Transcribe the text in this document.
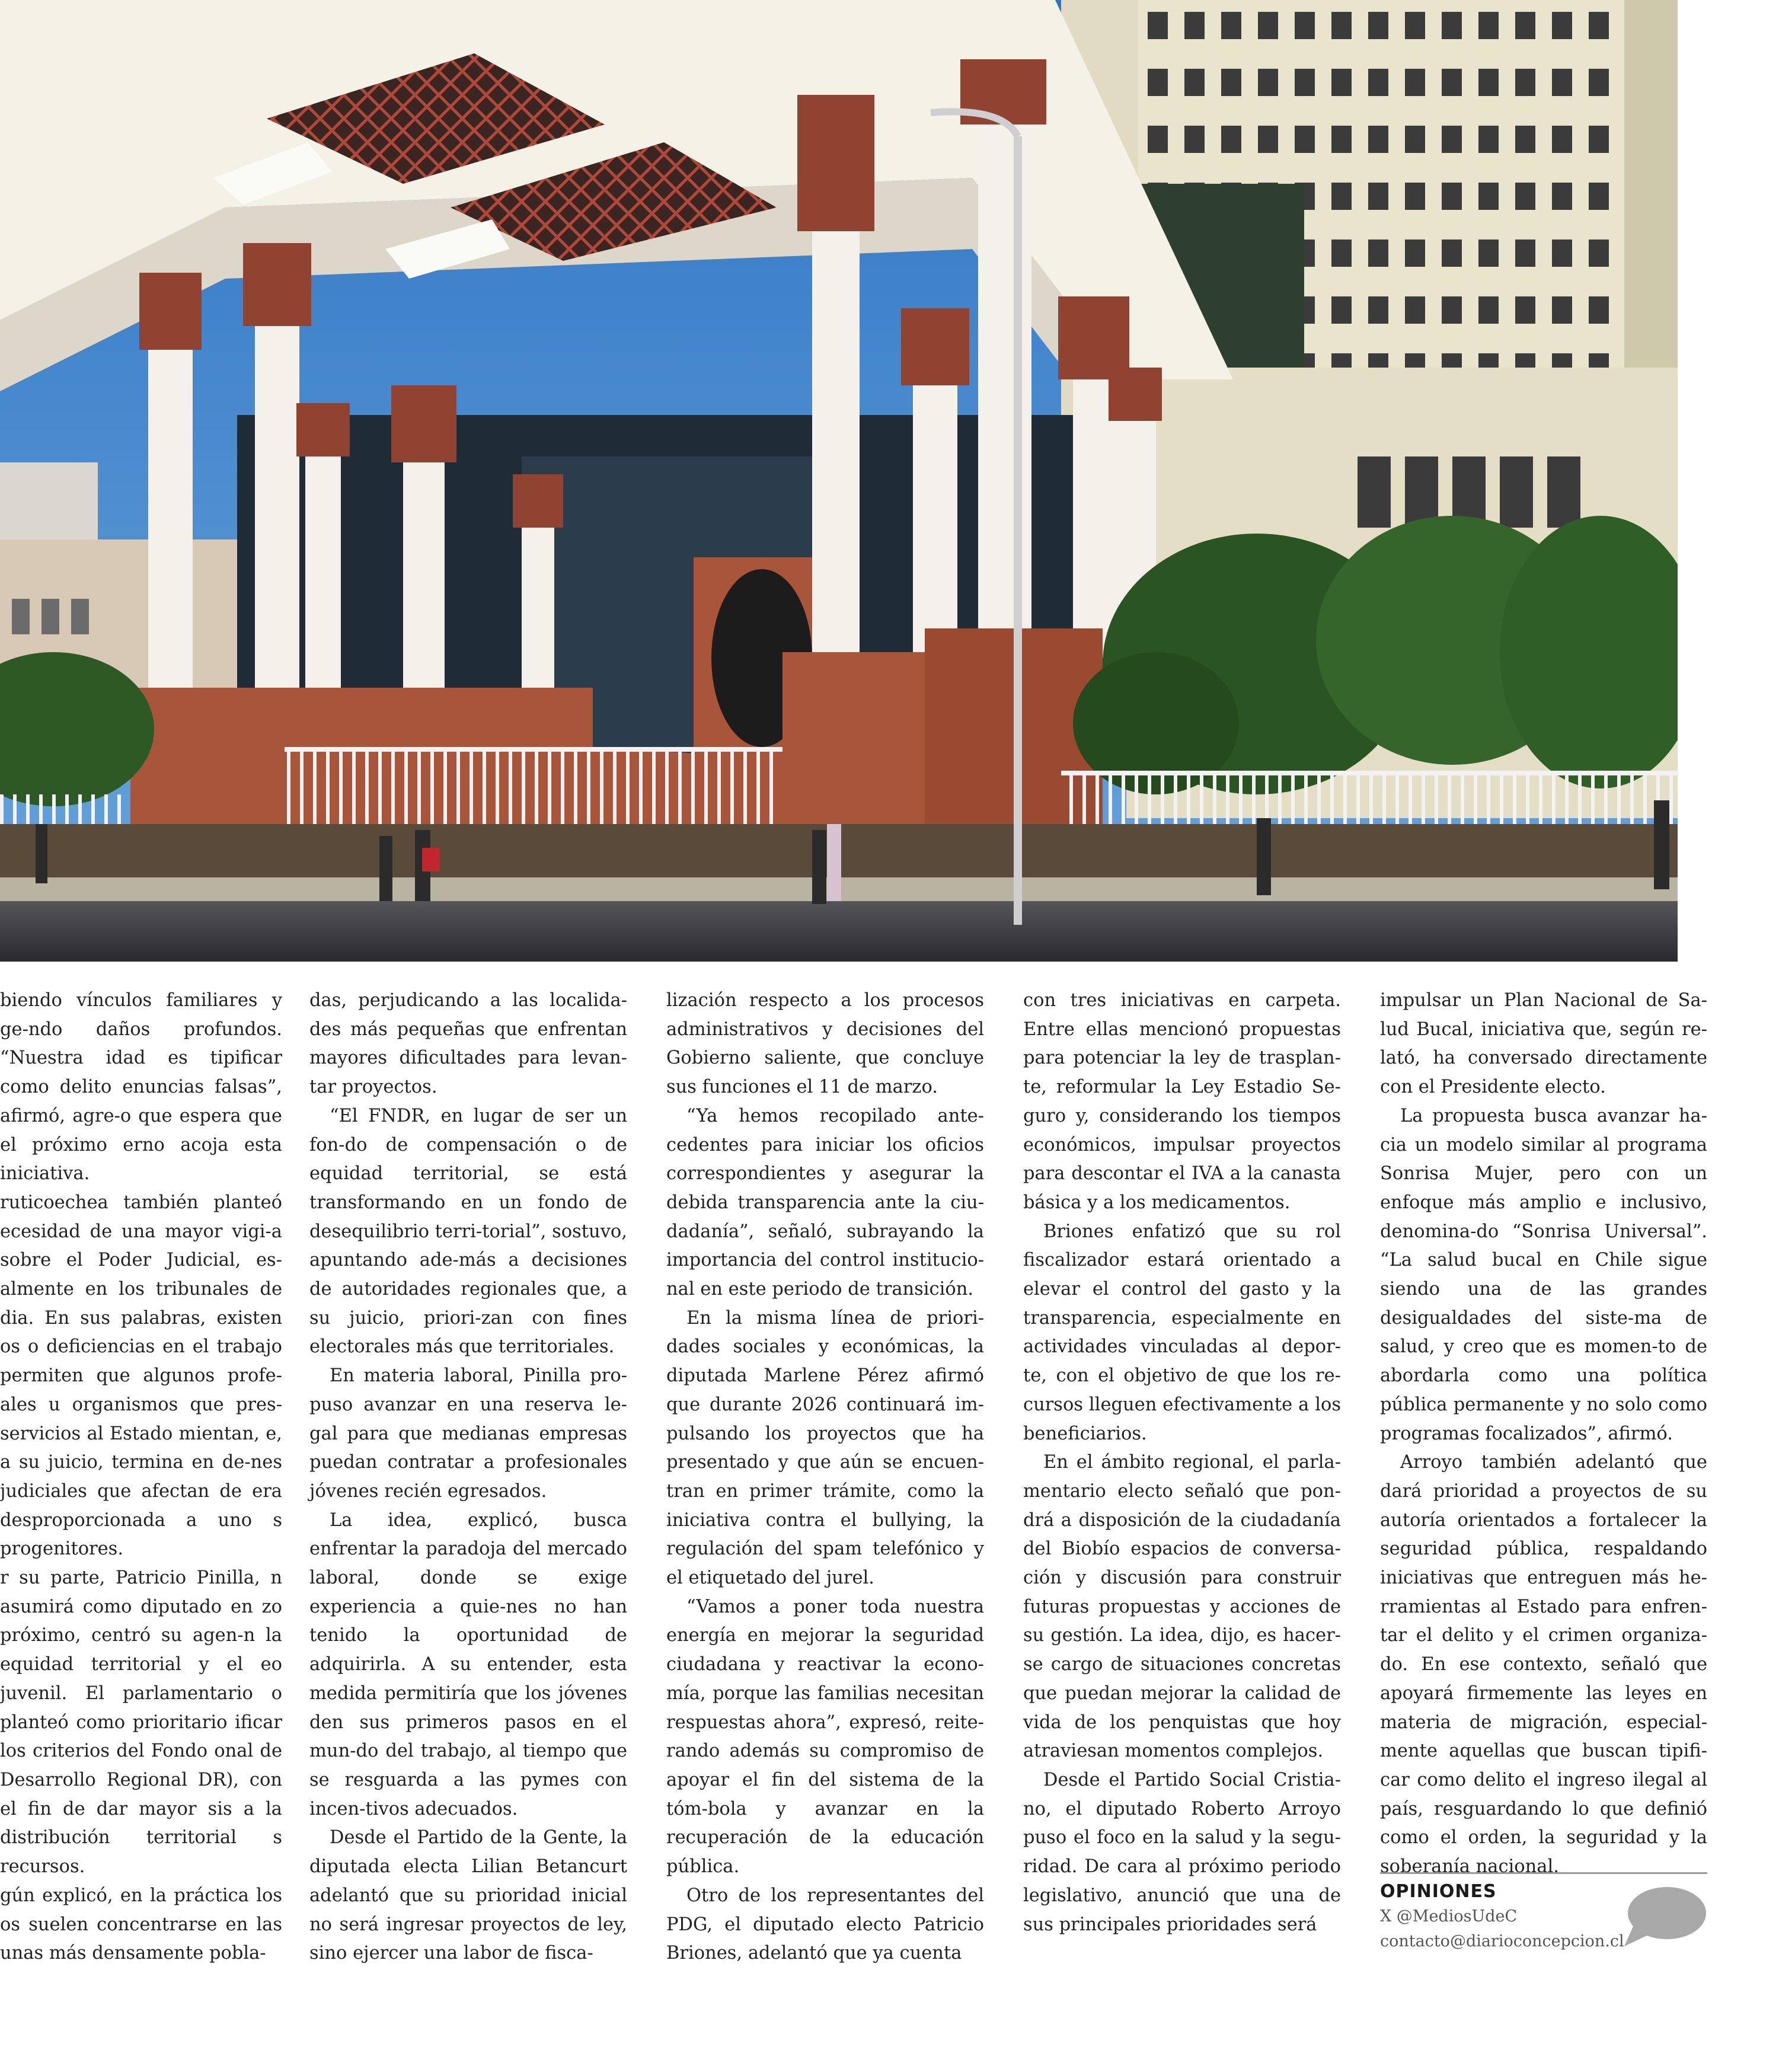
biendo vínculos familiares y ge-ndo daños profundos. “Nuestra idad es tipificar como delito enuncias falsas”, afirmó, agre-o que espera que el próximo erno acoja esta iniciativa.

ruticoechea también planteó ecesidad de una mayor vigi-a sobre el Poder Judicial, es-almente en los tribunales de dia. En sus palabras, existen os o deficiencias en el trabajo permiten que algunos profe-ales u organismos que pres-servicios al Estado mientan, e, a su juicio, termina en de-nes judiciales que afectan de era desproporcionada a uno s progenitores.

r su parte, Patricio Pinilla, n asumirá como diputado en zo próximo, centró su agen-n la equidad territorial y el eo juvenil. El parlamentario o planteó como prioritario ificar los criterios del Fondo onal de Desarrollo Regional DR), con el fin de dar mayor sis a la distribución territorial s recursos.

gún explicó, en la práctica los os suelen concentrarse en las unas más densamente pobla-

das, perjudicando a las localida-des más pequeñas que enfrentan mayores dificultades para levan-tar proyectos.

“El FNDR, en lugar de ser un fon-do de compensación o de equidad territorial, se está transformando en un fondo de desequilibrio terri-torial”, sostuvo, apuntando ade-más a decisiones de autoridades regionales que, a su juicio, priori-zan con fines electorales más que territoriales.

En materia laboral, Pinilla pro-puso avanzar en una reserva le-gal para que medianas empresas puedan contratar a profesionales jóvenes recién egresados.

La idea, explicó, busca enfrentar la paradoja del mercado laboral, donde se exige experiencia a quie-nes no han tenido la oportunidad de adquirirla. A su entender, esta medida permitiría que los jóvenes den sus primeros pasos en el mun-do del trabajo, al tiempo que se resguarda a las pymes con incen-tivos adecuados.

Desde el Partido de la Gente, la diputada electa Lilian Betancurt adelantó que su prioridad inicial no será ingresar proyectos de ley, sino ejercer una labor de fisca-

lización respecto a los procesos administrativos y decisiones del Gobierno saliente, que concluye sus funciones el 11 de marzo.

“Ya hemos recopilado ante-cedentes para iniciar los oficios correspondientes y asegurar la debida transparencia ante la ciu-dadanía”, señaló, subrayando la importancia del control institucio-nal en este periodo de transición.

En la misma línea de priori-dades sociales y económicas, la diputada Marlene Pérez afirmó que durante 2026 continuará im-pulsando los proyectos que ha presentado y que aún se encuen-tran en primer trámite, como la iniciativa contra el bullying, la regulación del spam telefónico y el etiquetado del jurel.

“Vamos a poner toda nuestra energía en mejorar la seguridad ciudadana y reactivar la econo-mía, porque las familias necesitan respuestas ahora”, expresó, reite-rando además su compromiso de apoyar el fin del sistema de la tóm-bola y avanzar en la recuperación de la educación pública.

Otro de los representantes del PDG, el diputado electo Patricio Briones, adelantó que ya cuenta

con tres iniciativas en carpeta. Entre ellas mencionó propuestas para potenciar la ley de trasplan-te, reformular la Ley Estadio Se-guro y, considerando los tiempos económicos, impulsar proyectos para descontar el IVA a la canasta básica y a los medicamentos.

Briones enfatizó que su rol fiscalizador estará orientado a elevar el control del gasto y la transparencia, especialmente en actividades vinculadas al depor-te, con el objetivo de que los re-cursos lleguen efectivamente a los beneficiarios.

En el ámbito regional, el parla-mentario electo señaló que pon-drá a disposición de la ciudadanía del Biobío espacios de conversa-ción y discusión para construir futuras propuestas y acciones de su gestión. La idea, dijo, es hacer-se cargo de situaciones concretas que puedan mejorar la calidad de vida de los penquistas que hoy atraviesan momentos complejos.

Desde el Partido Social Cristia-no, el diputado Roberto Arroyo puso el foco en la salud y la segu-ridad. De cara al próximo periodo legislativo, anunció que una de sus principales prioridades será

impulsar un Plan Nacional de Sa-lud Bucal, iniciativa que, según re-lató, ha conversado directamente con el Presidente electo.

La propuesta busca avanzar ha-cia un modelo similar al programa Sonrisa Mujer, pero con un enfoque más amplio e inclusivo, denomina-do “Sonrisa Universal”. “La salud bucal en Chile sigue siendo una de las grandes desigualdades del siste-ma de salud, y creo que es momen-to de abordarla como una política pública permanente y no solo como programas focalizados”, afirmó.

Arroyo también adelantó que dará prioridad a proyectos de su autoría orientados a fortalecer la seguridad pública, respaldando iniciativas que entreguen más he-rramientas al Estado para enfren-tar el delito y el crimen organiza-do. En ese contexto, señaló que apoyará firmemente las leyes en materia de migración, especial-mente aquellas que buscan tipifi-car como delito el ingreso ilegal al país, resguardando lo que definió como el orden, la seguridad y la soberanía nacional.

OPINIONES
X @MediosUdeC
contacto@diarioconcepcion.cl
